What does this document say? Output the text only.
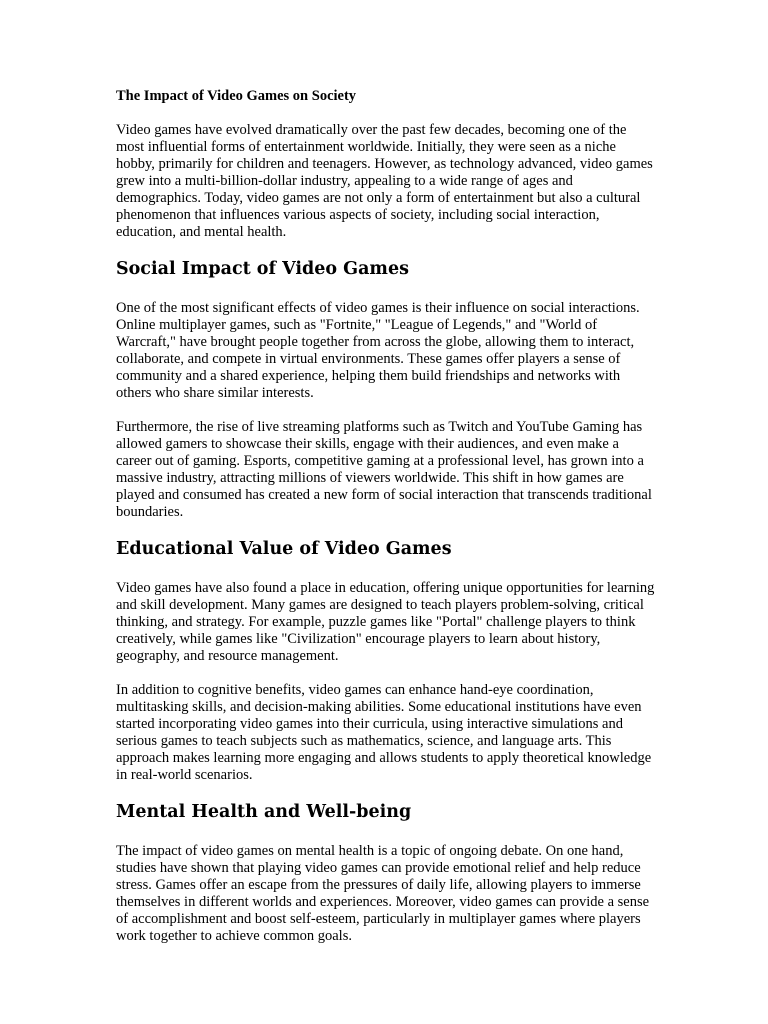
The Impact of Video Games on Society

Video games have evolved dramatically over the past few decades, becoming one of the most influential forms of entertainment worldwide. Initially, they were seen as a niche hobby, primarily for children and teenagers. However, as technology advanced, video games grew into a multi-billion-dollar industry, appealing to a wide range of ages and demographics. Today, video games are not only a form of entertainment but also a cultural phenomenon that influences various aspects of society, including social interaction, education, and mental health.

Social Impact of Video Games

One of the most significant effects of video games is their influence on social interactions. Online multiplayer games, such as "Fortnite," "League of Legends," and "World of Warcraft," have brought people together from across the globe, allowing them to interact, collaborate, and compete in virtual environments. These games offer players a sense of community and a shared experience, helping them build friendships and networks with others who share similar interests.

Furthermore, the rise of live streaming platforms such as Twitch and YouTube Gaming has allowed gamers to showcase their skills, engage with their audiences, and even make a career out of gaming. Esports, competitive gaming at a professional level, has grown into a massive industry, attracting millions of viewers worldwide. This shift in how games are played and consumed has created a new form of social interaction that transcends traditional boundaries.

Educational Value of Video Games

Video games have also found a place in education, offering unique opportunities for learning and skill development. Many games are designed to teach players problem-solving, critical thinking, and strategy. For example, puzzle games like "Portal" challenge players to think creatively, while games like "Civilization" encourage players to learn about history, geography, and resource management.

In addition to cognitive benefits, video games can enhance hand-eye coordination, multitasking skills, and decision-making abilities. Some educational institutions have even started incorporating video games into their curricula, using interactive simulations and serious games to teach subjects such as mathematics, science, and language arts. This approach makes learning more engaging and allows students to apply theoretical knowledge in real-world scenarios.

Mental Health and Well-being

The impact of video games on mental health is a topic of ongoing debate. On one hand, studies have shown that playing video games can provide emotional relief and help reduce stress. Games offer an escape from the pressures of daily life, allowing players to immerse themselves in different worlds and experiences. Moreover, video games can provide a sense of accomplishment and boost self-esteem, particularly in multiplayer games where players work together to achieve common goals.
